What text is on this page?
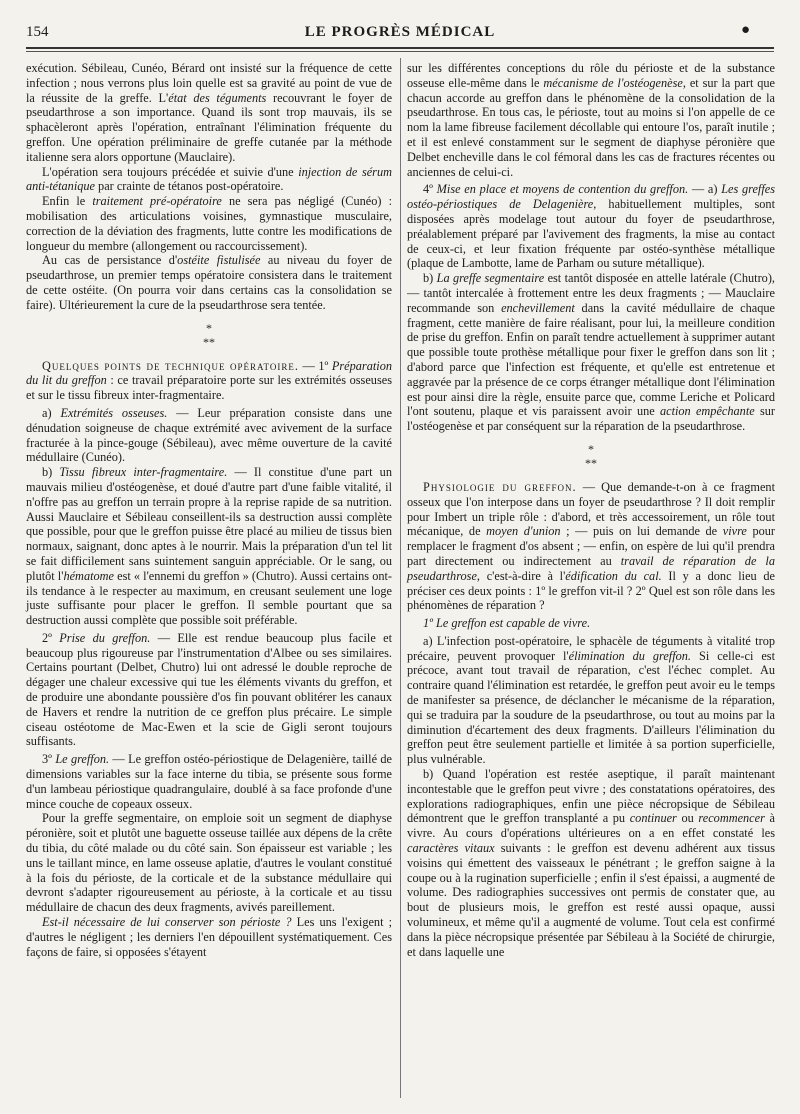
154	LE PROGRÈS MÉDICAL	●

exécution. Sébileau, Cunéo, Bérard ont insisté sur la fréquence de cette infection ; nous verrons plus loin quelle est sa gravité au point de vue de la réussite de la greffe. L'état des téguments recouvrant le foyer de pseudarthrose a son importance. Quand ils sont trop mauvais, ils se sphacèleront après l'opération, entraînant l'élimination fréquente du greffon. Une opération préliminaire de greffe cutanée par la méthode italienne sera alors opportune (Mauclaire).

L'opération sera toujours précédée et suivie d'une injection de sérum anti-tétanique par crainte de tétanos post-opératoire.

Enfin le traitement pré-opératoire ne sera pas négligé (Cunéo) : mobilisation des articulations voisines, gymnastique musculaire, correction de la déviation des fragments, lutte contre les modifications de longueur du membre (allongement ou raccourcissement).

Au cas de persistance d'ostéite fistulisée au niveau du foyer de pseudarthrose, un premier temps opératoire consistera dans le traitement de cette ostéite. (On pourra voir dans certains cas la consolidation se faire). Ultérieurement la cure de la pseudarthrose sera tentée.

*
**

Quelques points de technique opératoire. — 1º Préparation du lit du greffon : ce travail préparatoire porte sur les extrémités osseuses et sur le tissu fibreux inter-fragmentaire.

a) Extrémités osseuses. — Leur préparation consiste dans une dénudation soigneuse de chaque extrémité avec avivement de la surface fracturée à la pince-gouge (Sébileau), avec même ouverture de la cavité médullaire (Cunéo).

b) Tissu fibreux inter-fragmentaire. — Il constitue d'une part un mauvais milieu d'ostéogenèse, et doué d'autre part d'une faible vitalité, il n'offre pas au greffon un terrain propre à la reprise rapide de sa nutrition. Aussi Mauclaire et Sébileau conseillent-ils sa destruction aussi complète que possible, pour que le greffon puisse être placé au milieu de tissus bien normaux, saignant, donc aptes à le nourrir. Mais la préparation d'un tel lit se fait difficilement sans suintement sanguin appréciable. Or le sang, ou plutôt l'hématome est « l'ennemi du greffon » (Chutro). Aussi certains ont-ils tendance à le respecter au maximum, en creusant seulement une loge juste suffisante pour placer le greffon. Il semble pourtant que sa destruction aussi complète que possible soit préférable.

2º Prise du greffon. — Elle est rendue beaucoup plus facile et beaucoup plus rigoureuse par l'instrumentation d'Albee ou ses similaires. Certains pourtant (Delbet, Chutro) lui ont adressé le double reproche de dégager une chaleur excessive qui tue les éléments vivants du greffon, et de produire une abondante poussière d'os fin pouvant oblitérer les canaux de Havers et rendre la nutrition de ce greffon plus précaire. Le simple ciseau ostéotome de Mac-Ewen et la scie de Gigli seront toujours suffisants.

3º Le greffon. — Le greffon ostéo-périostique de Delagenière, taillé de dimensions variables sur la face interne du tibia, se présente sous forme d'un lambeau périostique quadrangulaire, doublé à sa face profonde d'une mince couche de copeaux osseux.

Pour la greffe segmentaire, on emploie soit un segment de diaphyse péronière, soit et plutôt une baguette osseuse taillée aux dépens de la crête du tibia, du côté malade ou du côté sain. Son épaisseur est variable ; les uns le taillant mince, en lame osseuse aplatie, d'autres le voulant constitué à la fois du périoste, de la corticale et de la substance médullaire qui devront s'adapter rigoureusement au périoste, à la corticale et au tissu médullaire de chacun des deux fragments, avivés pareillement.

Est-il nécessaire de lui conserver son périoste ? Les uns l'exigent ; d'autres le négligent ; les derniers l'en dépouillent systématiquement. Ces façons de faire, si opposées s'étayent

sur les différentes conceptions du rôle du périoste et de la substance osseuse elle-même dans le mécanisme de l'ostéogenèse, et sur la part que chacun accorde au greffon dans le phénomène de la consolidation de la pseudarthrose. En tous cas, le périoste, tout au moins si l'on appelle de ce nom la lame fibreuse facilement décollable qui entoure l'os, paraît inutile ; et il est enlevé constamment sur le segment de diaphyse péronière que Delbet encheville dans le col fémoral dans les cas de fractures récentes ou anciennes de celui-ci.

4º Mise en place et moyens de contention du greffon. — a) Les greffes ostéo-périostiques de Delagenière, habituellement multiples, sont disposées après modelage tout autour du foyer de pseudarthrose, préalablement préparé par l'avivement des fragments, la mise au contact de ceux-ci, et leur fixation fréquente par ostéo-synthèse métallique (plaque de Lambotte, lame de Parham ou suture métallique).

b) La greffe segmentaire est tantôt disposée en attelle latérale (Chutro), — tantôt intercalée à frottement entre les deux fragments ; — Mauclaire recommande son enchevillement dans la cavité médullaire de chaque fragment, cette manière de faire réalisant, pour lui, la meilleure condition de prise du greffon. Enfin on paraît tendre actuellement à supprimer autant que possible toute prothèse métallique pour fixer le greffon dans son lit ; d'abord parce que l'infection est fréquente, et qu'elle est entretenue et aggravée par la présence de ce corps étranger métallique dont l'élimination est pour ainsi dire la règle, ensuite parce que, comme Leriche et Policard l'ont soutenu, plaque et vis paraissent avoir une action empêchante sur l'ostéogenèse et par conséquent sur la réparation de la pseudarthrose.

*
**

Physiologie du greffon. — Que demande-t-on à ce fragment osseux que l'on interpose dans un foyer de pseudarthrose ? Il doit remplir pour Imbert un triple rôle : d'abord, et très accessoirement, un rôle tout mécanique, de moyen d'union ; — puis on lui demande de vivre pour remplacer le fragment d'os absent ; — enfin, on espère de lui qu'il prendra part directement ou indirectement au travail de réparation de la pseudarthrose, c'est-à-dire à l'édification du cal. Il y a donc lieu de préciser ces deux points : 1º le greffon vit-il ? 2º Quel est son rôle dans les phénomènes de réparation ?

1º Le greffon est capable de vivre.

a) L'infection post-opératoire, le sphacèle de téguments à vitalité trop précaire, peuvent provoquer l'élimination du greffon. Si celle-ci est précoce, avant tout travail de réparation, c'est l'échec complet. Au contraire quand l'élimination est retardée, le greffon peut avoir eu le temps de manifester sa présence, de déclancher le mécanisme de la réparation, qui se traduira par la soudure de la pseudarthrose, ou tout au moins par la diminution d'écartement des deux fragments. D'ailleurs l'élimination du greffon peut être seulement partielle et limitée à sa portion superficielle, plus vulnérable.

b) Quand l'opération est restée aseptique, il paraît maintenant incontestable que le greffon peut vivre ; des constatations opératoires, des explorations radiographiques, enfin une pièce nécropsique de Sébileau démontrent que le greffon transplanté a pu continuer ou recommencer à vivre. Au cours d'opérations ultérieures on a en effet constaté les caractères vitaux suivants : le greffon est devenu adhérent aux tissus voisins qui émettent des vaisseaux le pénétrant ; le greffon saigne à la coupe ou à la rugination superficielle ; enfin il s'est épaissi, a augmenté de volume. Des radiographies successives ont permis de constater que, au bout de plusieurs mois, le greffon est resté aussi opaque, aussi volumineux, et même qu'il a augmenté de volume. Tout cela est confirmé dans la pièce nécropsique présentée par Sébileau à la Société de chirurgie, et dans laquelle une
